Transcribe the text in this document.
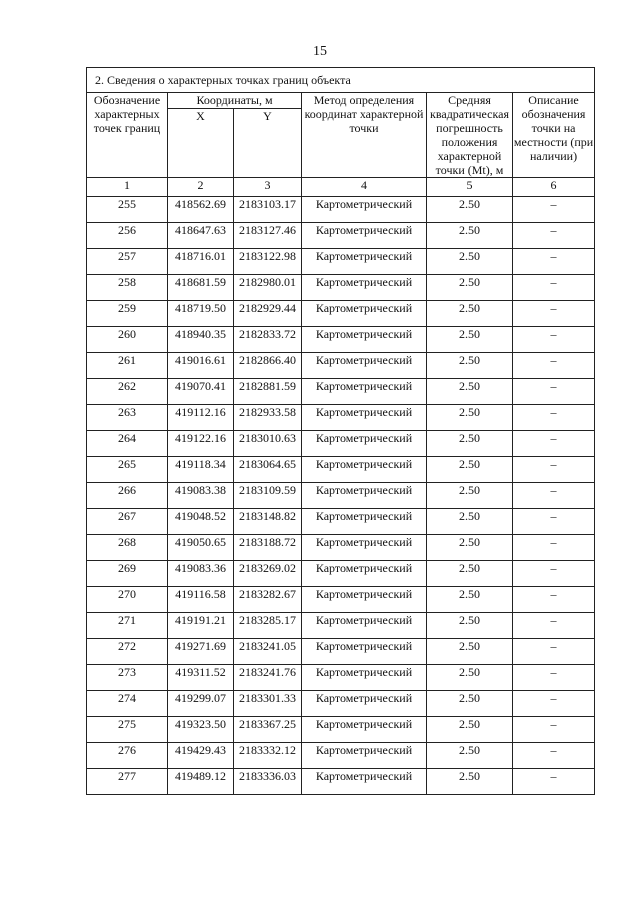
15
2. Сведения о характерных точках границ объекта					
Обозначение характерных точек границ	Координаты, м		Метод определения координат характерной точки	Средняя квадратическая погрешность положения характерной точки (Mt), м	Описание обозначения точки на местности (при наличии)
	X	Y			
1	2	3	4	5	6
255	418562.69	2183103.17	Картометрический	2.50	–
256	418647.63	2183127.46	Картометрический	2.50	–
257	418716.01	2183122.98	Картометрический	2.50	–
258	418681.59	2182980.01	Картометрический	2.50	–
259	418719.50	2182929.44	Картометрический	2.50	–
260	418940.35	2182833.72	Картометрический	2.50	–
261	419016.61	2182866.40	Картометрический	2.50	–
262	419070.41	2182881.59	Картометрический	2.50	–
263	419112.16	2182933.58	Картометрический	2.50	–
264	419122.16	2183010.63	Картометрический	2.50	–
265	419118.34	2183064.65	Картометрический	2.50	–
266	419083.38	2183109.59	Картометрический	2.50	–
267	419048.52	2183148.82	Картометрический	2.50	–
268	419050.65	2183188.72	Картометрический	2.50	–
269	419083.36	2183269.02	Картометрический	2.50	–
270	419116.58	2183282.67	Картометрический	2.50	–
271	419191.21	2183285.17	Картометрический	2.50	–
272	419271.69	2183241.05	Картометрический	2.50	–
273	419311.52	2183241.76	Картометрический	2.50	–
274	419299.07	2183301.33	Картометрический	2.50	–
275	419323.50	2183367.25	Картометрический	2.50	–
276	419429.43	2183332.12	Картометрический	2.50	–
277	419489.12	2183336.03	Картометрический	2.50	–
